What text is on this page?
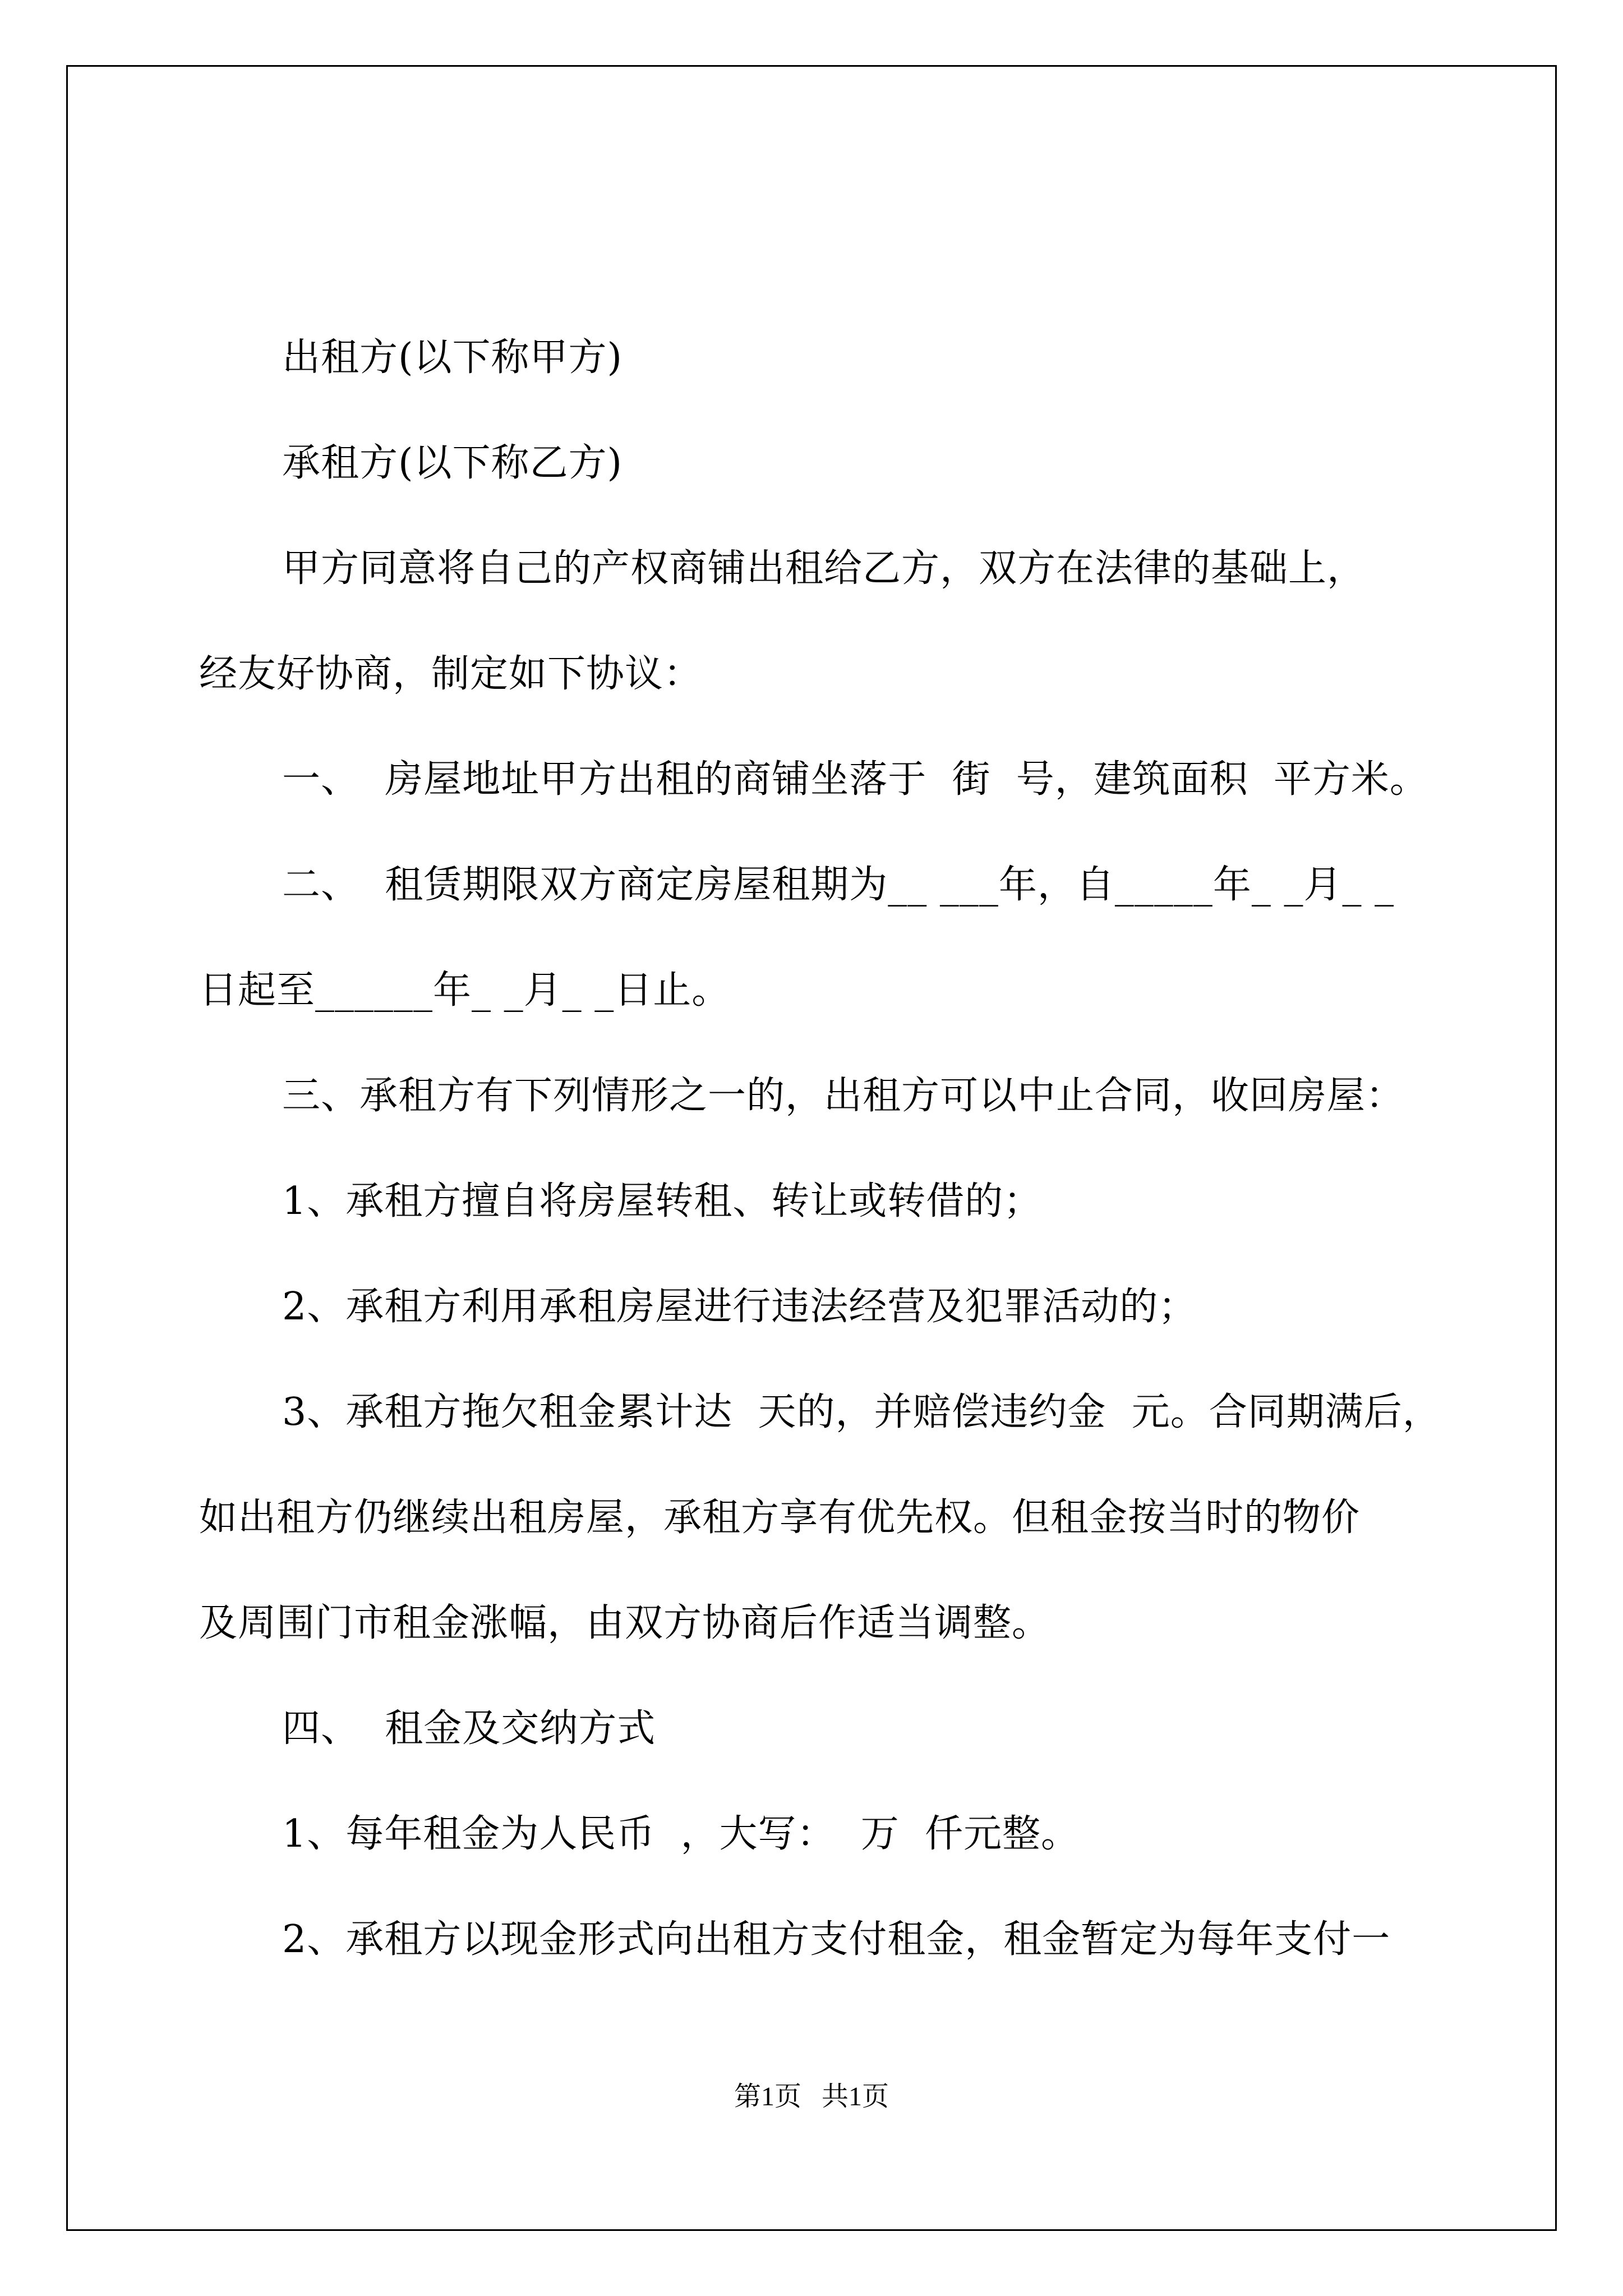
出租方(以下称甲方)
承租方(以下称乙方)
甲方同意将自己的产权商铺出租给乙方，双方在法律的基础上，
经友好协商，制定如下协议：
一、  房屋地址甲方出租的商铺坐落于  街  号，建筑面积  平方米。
二、  租赁期限双方商定房屋租期为__ ___年，自_____年_ _月_ _
日起至______年_ _月_ _日止。
三、承租方有下列情形之一的，出租方可以中止合同，收回房屋：
1、承租方擅自将房屋转租、转让或转借的；
2、承租方利用承租房屋进行违法经营及犯罪活动的；
3、承租方拖欠租金累计达  天的，并赔偿违约金  元。合同期满后，
如出租方仍继续出租房屋，承租方享有优先权。但租金按当时的物价
及周围门市租金涨幅，由双方协商后作适当调整。
四、  租金及交纳方式
1、每年租金为人民币  ，大写：  万  仟元整。
2、承租方以现金形式向出租方支付租金，租金暂定为每年支付一
第1页   共1页
